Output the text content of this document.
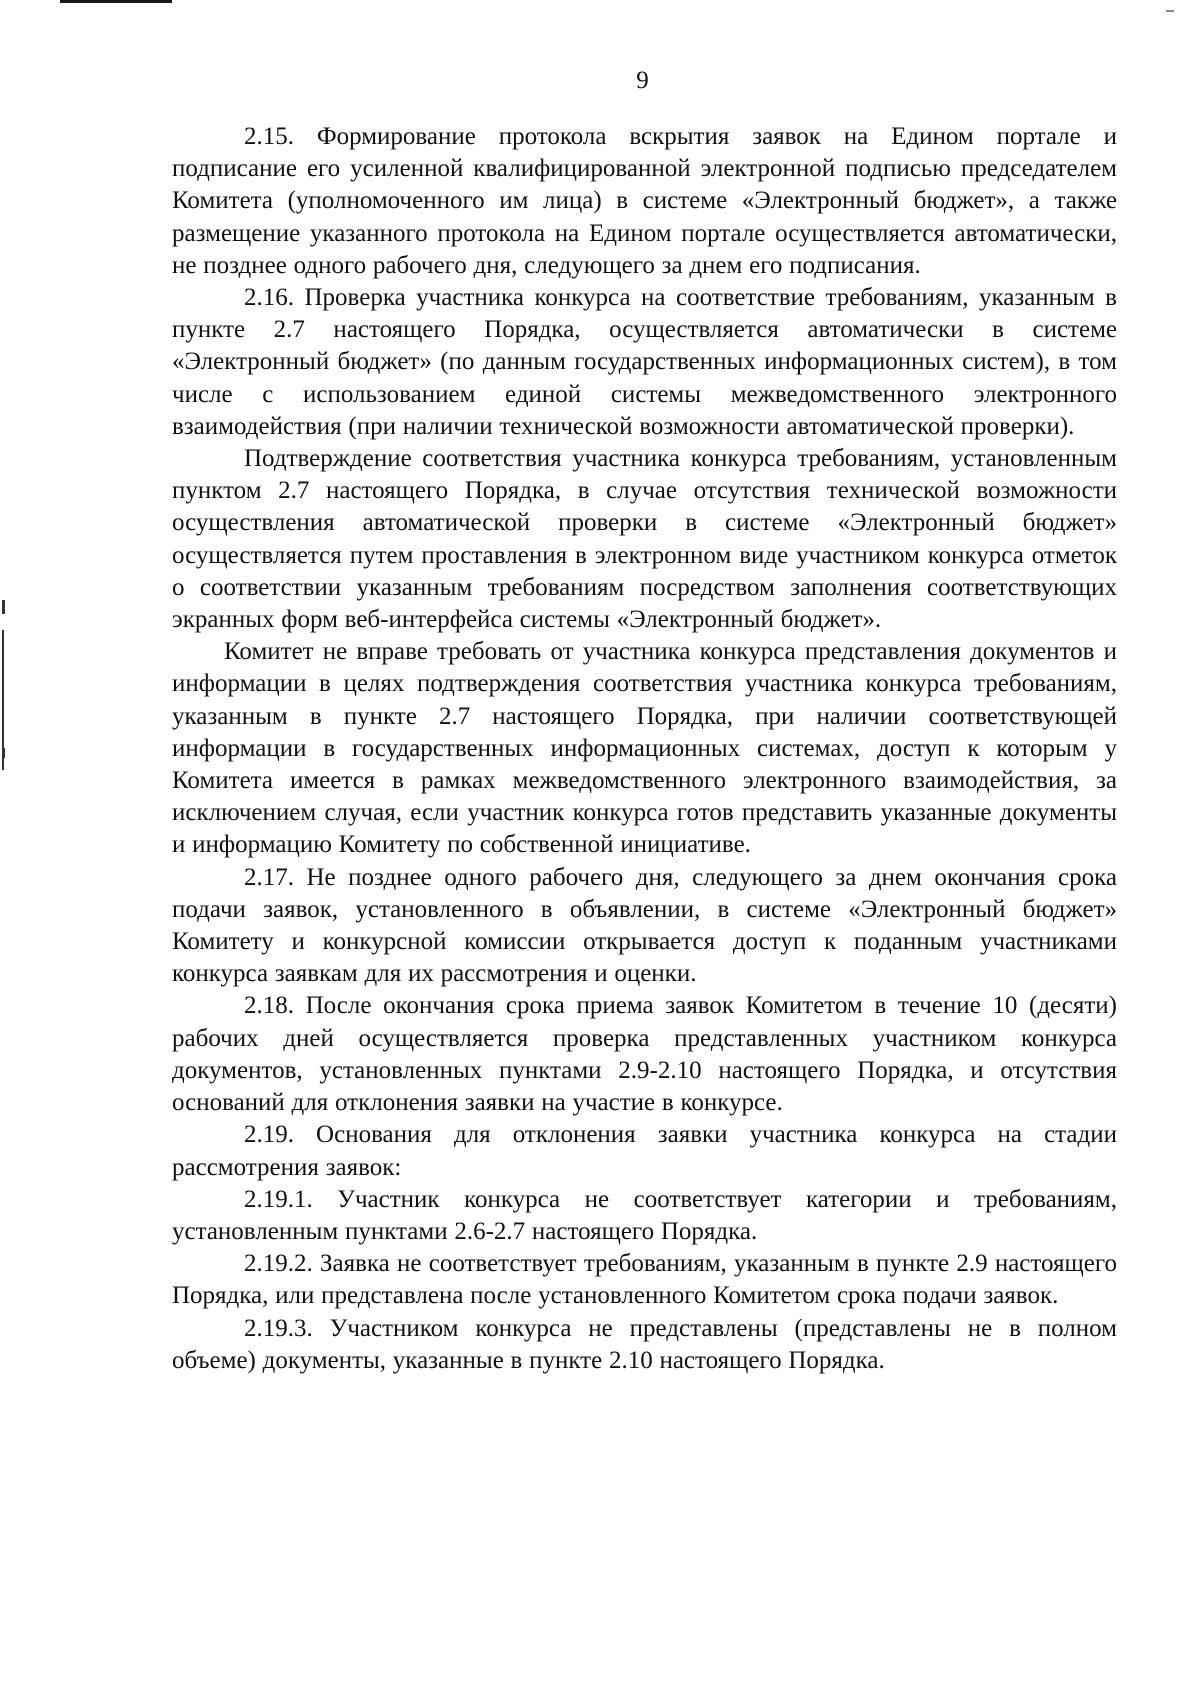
9

2.15. Формирование протокола вскрытия заявок на Едином портале и подписание его усиленной квалифицированной электронной подписью председателем Комитета (уполномоченного им лица) в системе «Электронный бюджет», а также размещение указанного протокола на Едином портале осуществляется автоматически, не позднее одного рабочего дня, следующего за днем его подписания.

2.16. Проверка участника конкурса на соответствие требованиям, указанным в пункте 2.7 настоящего Порядка, осуществляется автоматически в системе «Электронный бюджет» (по данным государственных информационных систем), в том числе с использованием единой системы межведомственного электронного взаимодействия (при наличии технической возможности автоматической проверки).

Подтверждение соответствия участника конкурса требованиям, установленным пунктом 2.7 настоящего Порядка, в случае отсутствия технической возможности осуществления автоматической проверки в системе «Электронный бюджет» осуществляется путем проставления в электронном виде участником конкурса отметок о соответствии указанным требованиям посредством заполнения соответствующих экранных форм веб-интерфейса системы «Электронный бюджет».

Комитет не вправе требовать от участника конкурса представления документов и информации в целях подтверждения соответствия участника конкурса требованиям, указанным в пункте 2.7 настоящего Порядка, при наличии соответствующей информации в государственных информационных системах, доступ к которым у Комитета имеется в рамках межведомственного электронного взаимодействия, за исключением случая, если участник конкурса готов представить указанные документы и информацию Комитету по собственной инициативе.

2.17. Не позднее одного рабочего дня, следующего за днем окончания срока подачи заявок, установленного в объявлении, в системе «Электронный бюджет» Комитету и конкурсной комиссии открывается доступ к поданным участниками конкурса заявкам для их рассмотрения и оценки.

2.18. После окончания срока приема заявок Комитетом в течение 10 (десяти) рабочих дней осуществляется проверка представленных участником конкурса документов, установленных пунктами 2.9-2.10 настоящего Порядка, и отсутствия оснований для отклонения заявки на участие в конкурсе.

2.19. Основания для отклонения заявки участника конкурса на стадии рассмотрения заявок:

2.19.1. Участник конкурса не соответствует категории и требованиям, установленным пунктами 2.6-2.7 настоящего Порядка.

2.19.2. Заявка не соответствует требованиям, указанным в пункте 2.9 настоящего Порядка, или представлена после установленного Комитетом срока подачи заявок.

2.19.3. Участником конкурса не представлены (представлены не в полном объеме) документы, указанные в пункте 2.10 настоящего Порядка.
